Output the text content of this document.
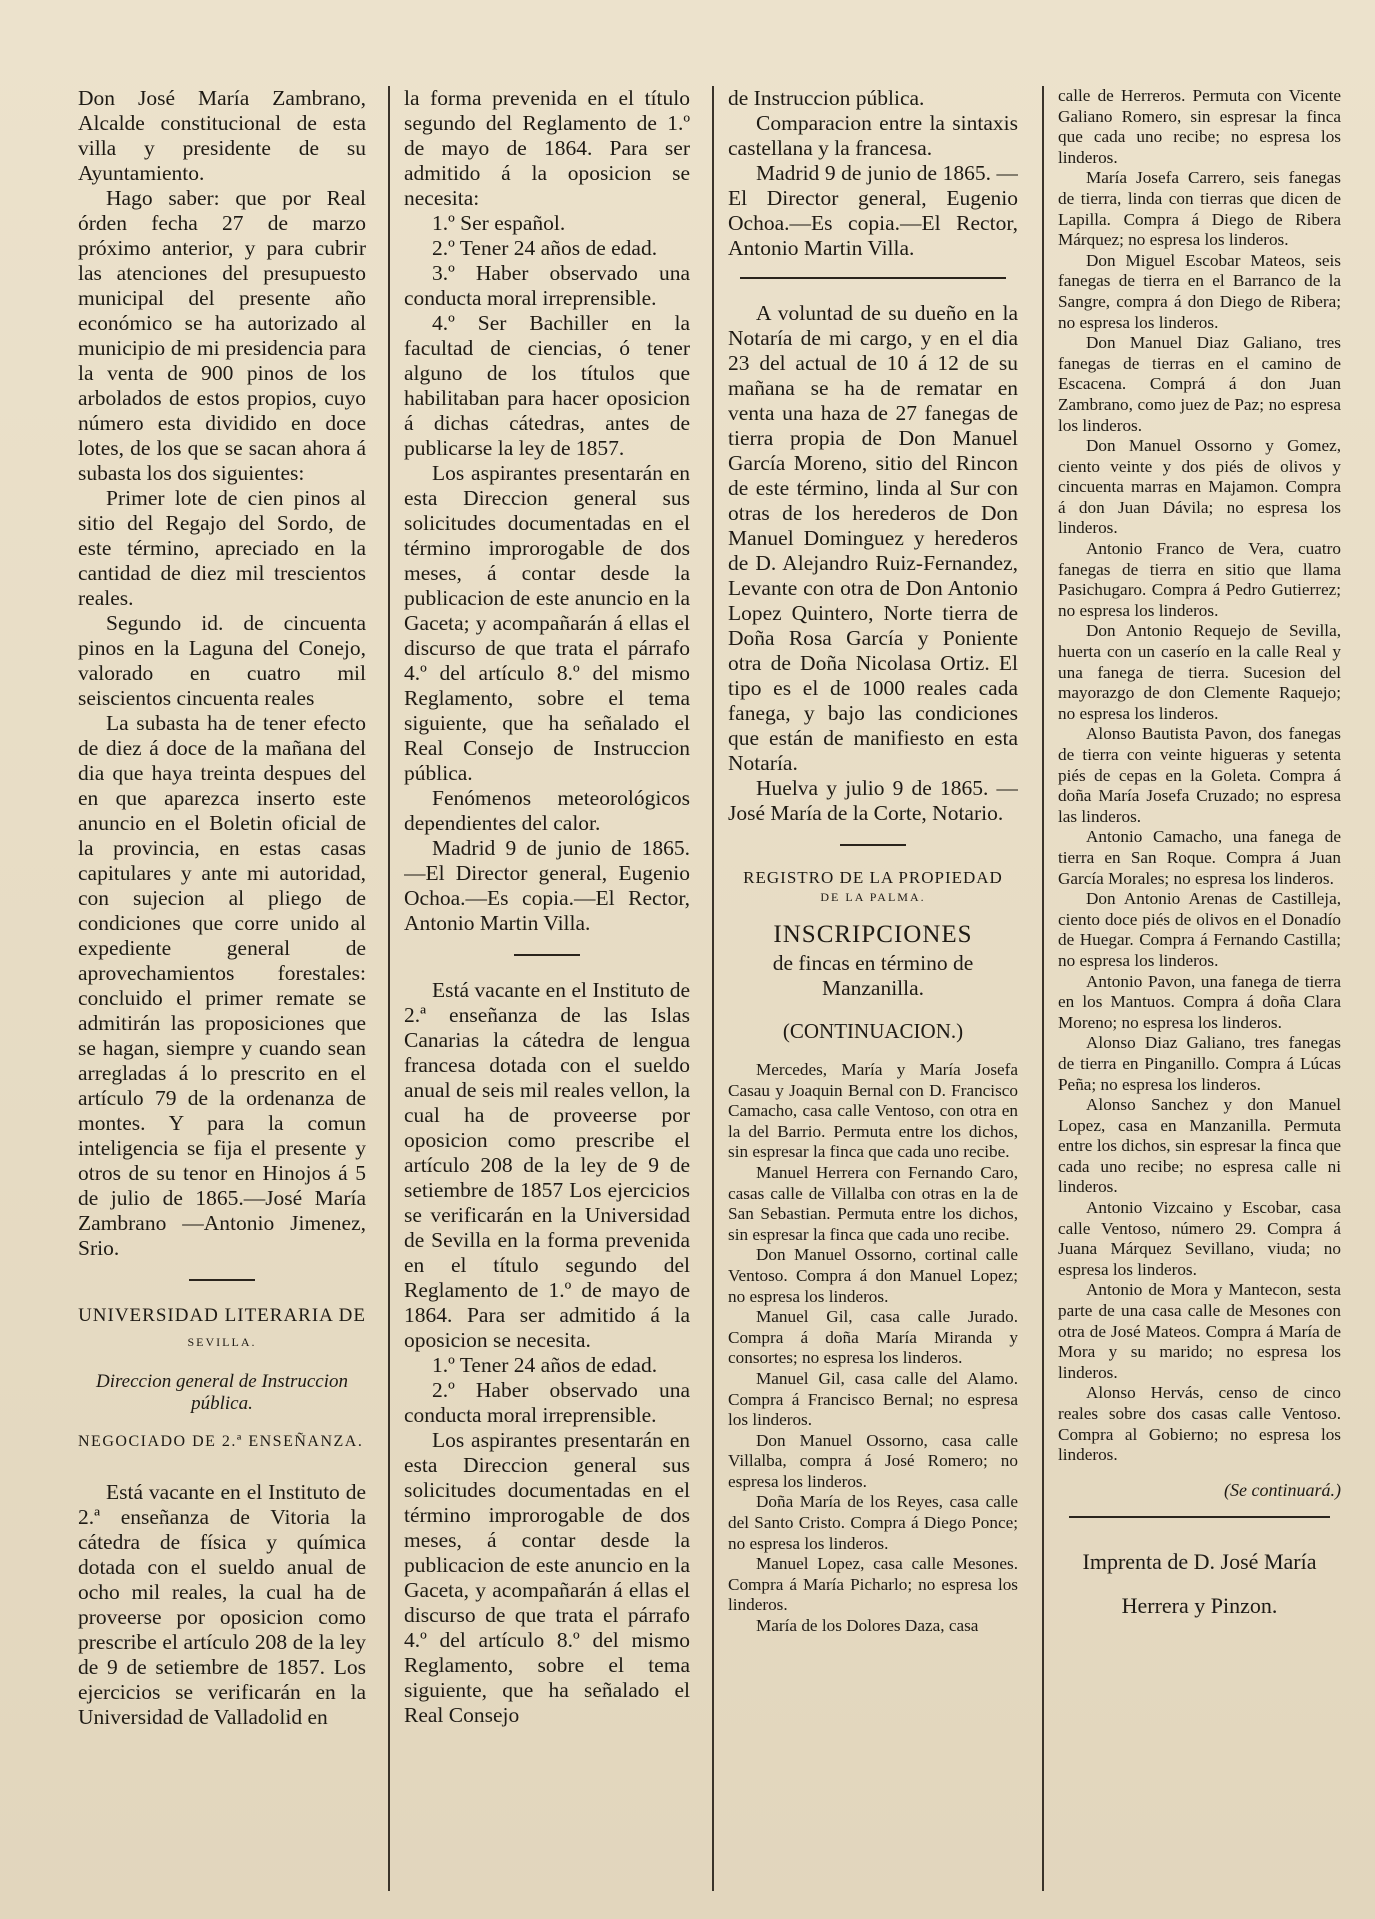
Don José María Zambrano, Alcalde constitucional de esta villa y presidente de su Ayuntamiento.

Hago saber: que por Real órden fecha 27 de marzo próximo anterior, y para cubrir las atenciones del presupuesto municipal del presente año económico se ha autorizado al municipio de mi presidencia para la venta de 900 pinos de los arbolados de estos propios, cuyo número esta dividido en doce lotes, de los que se sacan ahora á subasta los dos siguientes:

Primer lote de cien pinos al sitio del Regajo del Sordo, de este término, apreciado en la cantidad de diez mil trescientos reales.

Segundo id. de cincuenta pinos en la Laguna del Conejo, valorado en cuatro mil seiscientos cincuenta reales

La subasta ha de tener efecto de diez á doce de la mañana del dia que haya treinta despues del en que aparezca inserto este anuncio en el Boletin oficial de la provincia, en estas casas capitulares y ante mi autoridad, con sujecion al pliego de condiciones que corre unido al expediente general de aprovechamientos forestales: concluido el primer remate se admitirán las proposiciones que se hagan, siempre y cuando sean arregladas á lo prescrito en el artículo 79 de la ordenanza de montes. Y para la comun inteligencia se fija el presente y otros de su tenor en Hinojos á 5 de julio de 1865.—José María Zambrano —Antonio Jimenez, Srio.

UNIVERSIDAD LITERARIA DE

SEVILLA.

Direccion general de Instruccion pública.

NEGOCIADO DE 2.ª ENSEÑANZA.

Está vacante en el Instituto de 2.ª enseñanza de Vitoria la cátedra de física y química dotada con el sueldo anual de ocho mil reales, la cual ha de proveerse por oposicion como prescribe el artículo 208 de la ley de 9 de setiembre de 1857. Los ejercicios se verificarán en la Universidad de Valladolid en

la forma prevenida en el título segundo del Reglamento de 1.º de mayo de 1864. Para ser admitido á la oposicion se necesita:

1.º Ser español.

2.º Tener 24 años de edad.

3.º Haber observado una conducta moral irreprensible.

4.º Ser Bachiller en la facultad de ciencias, ó tener alguno de los títulos que habilitaban para hacer oposicion á dichas cátedras, antes de publicarse la ley de 1857.

Los aspirantes presentarán en esta Direccion general sus solicitudes documentadas en el término improrogable de dos meses, á contar desde la publicacion de este anuncio en la Gaceta; y acompañarán á ellas el discurso de que trata el párrafo 4.º del artículo 8.º del mismo Reglamento, sobre el tema siguiente, que ha señalado el Real Consejo de Instruccion pública.

Fenómenos meteorológicos dependientes del calor.

Madrid 9 de junio de 1865. —El Director general, Eugenio Ochoa.—Es copia.—El Rector, Antonio Martin Villa.

Está vacante en el Instituto de 2.ª enseñanza de las Islas Canarias la cátedra de lengua francesa dotada con el sueldo anual de seis mil reales vellon, la cual ha de proveerse por oposicion como prescribe el artículo 208 de la ley de 9 de setiembre de 1857 Los ejercicios se verificarán en la Universidad de Sevilla en la forma prevenida en el título segundo del Reglamento de 1.º de mayo de 1864. Para ser admitido á la oposicion se necesita.

1.º Tener 24 años de edad.

2.º Haber observado una conducta moral irreprensible.

Los aspirantes presentarán en esta Direccion general sus solicitudes documentadas en el término improrogable de dos meses, á contar desde la publicacion de este anuncio en la Gaceta, y acompañarán á ellas el discurso de que trata el párrafo 4.º del artículo 8.º del mismo Reglamento, sobre el tema siguiente, que ha señalado el Real Consejo

de Instruccion pública.

Comparacion entre la sintaxis castellana y la francesa.

Madrid 9 de junio de 1865. —El Director general, Eugenio Ochoa.—Es copia.—El Rector, Antonio Martin Villa.

A voluntad de su dueño en la Notaría de mi cargo, y en el dia 23 del actual de 10 á 12 de su mañana se ha de rematar en venta una haza de 27 fanegas de tierra propia de Don Manuel García Moreno, sitio del Rincon de este término, linda al Sur con otras de los herederos de Don Manuel Dominguez y herederos de D. Alejandro Ruiz-Fernandez, Levante con otra de Don Antonio Lopez Quintero, Norte tierra de Doña Rosa García y Poniente otra de Doña Nicolasa Ortiz. El tipo es el de 1000 reales cada fanega, y bajo las condiciones que están de manifiesto en esta Notaría.

Huelva y julio 9 de 1865. —José María de la Corte, Notario.

REGISTRO DE LA PROPIEDAD

DE LA PALMA.

INSCRIPCIONES

de fincas en término de Manzanilla.

(CONTINUACION.)

Mercedes, María y María Josefa Casau y Joaquin Bernal con D. Francisco Camacho, casa calle Ventoso, con otra en la del Barrio. Permuta entre los dichos, sin espresar la finca que cada uno recibe.

Manuel Herrera con Fernando Caro, casas calle de Villalba con otras en la de San Sebastian. Permuta entre los dichos, sin espresar la finca que cada uno recibe.

Don Manuel Ossorno, cortinal calle Ventoso. Compra á don Manuel Lopez; no espresa los linderos.

Manuel Gil, casa calle Jurado. Compra á doña María Miranda y consortes; no espresa los linderos.

Manuel Gil, casa calle del Alamo. Compra á Francisco Bernal; no espresa los linderos.

Don Manuel Ossorno, casa calle Villalba, compra á José Romero; no espresa los linderos.

Doña María de los Reyes, casa calle del Santo Cristo. Compra á Diego Ponce; no espresa los linderos.

Manuel Lopez, casa calle Mesones. Compra á María Picharlo; no espresa los linderos.

María de los Dolores Daza, casa

calle de Herreros. Permuta con Vicente Galiano Romero, sin espresar la finca que cada uno recibe; no espresa los linderos.

María Josefa Carrero, seis fanegas de tierra, linda con tierras que dicen de Lapilla. Compra á Diego de Ribera Márquez; no espresa los linderos.

Don Miguel Escobar Mateos, seis fanegas de tierra en el Barranco de la Sangre, compra á don Diego de Ribera; no espresa los linderos.

Don Manuel Diaz Galiano, tres fanegas de tierras en el camino de Escacena. Comprá á don Juan Zambrano, como juez de Paz; no espresa los linderos.

Don Manuel Ossorno y Gomez, ciento veinte y dos piés de olivos y cincuenta marras en Majamon. Compra á don Juan Dávila; no espresa los linderos.

Antonio Franco de Vera, cuatro fanegas de tierra en sitio que llama Pasichugaro. Compra á Pedro Gutierrez; no espresa los linderos.

Don Antonio Requejo de Sevilla, huerta con un caserío en la calle Real y una fanega de tierra. Sucesion del mayorazgo de don Clemente Raquejo; no espresa los linderos.

Alonso Bautista Pavon, dos fanegas de tierra con veinte higueras y setenta piés de cepas en la Goleta. Compra á doña María Josefa Cruzado; no espresa las linderos.

Antonio Camacho, una fanega de tierra en San Roque. Compra á Juan García Morales; no espresa los linderos.

Don Antonio Arenas de Castilleja, ciento doce piés de olivos en el Donadío de Huegar. Compra á Fernando Castilla; no espresa los linderos.

Antonio Pavon, una fanega de tierra en los Mantuos. Compra á doña Clara Moreno; no espresa los linderos.

Alonso Diaz Galiano, tres fanegas de tierra en Pinganillo. Compra á Lúcas Peña; no espresa los linderos.

Alonso Sanchez y don Manuel Lopez, casa en Manzanilla. Permuta entre los dichos, sin espresar la finca que cada uno recibe; no espresa calle ni linderos.

Antonio Vizcaino y Escobar, casa calle Ventoso, número 29. Compra á Juana Márquez Sevillano, viuda; no espresa los linderos.

Antonio de Mora y Mantecon, sesta parte de una casa calle de Mesones con otra de José Mateos. Compra á María de Mora y su marido; no espresa los linderos.

Alonso Hervás, censo de cinco reales sobre dos casas calle Ventoso. Compra al Gobierno; no espresa los linderos.

(Se continuará.)

Imprenta de D. José María
Herrera y Pinzon.
